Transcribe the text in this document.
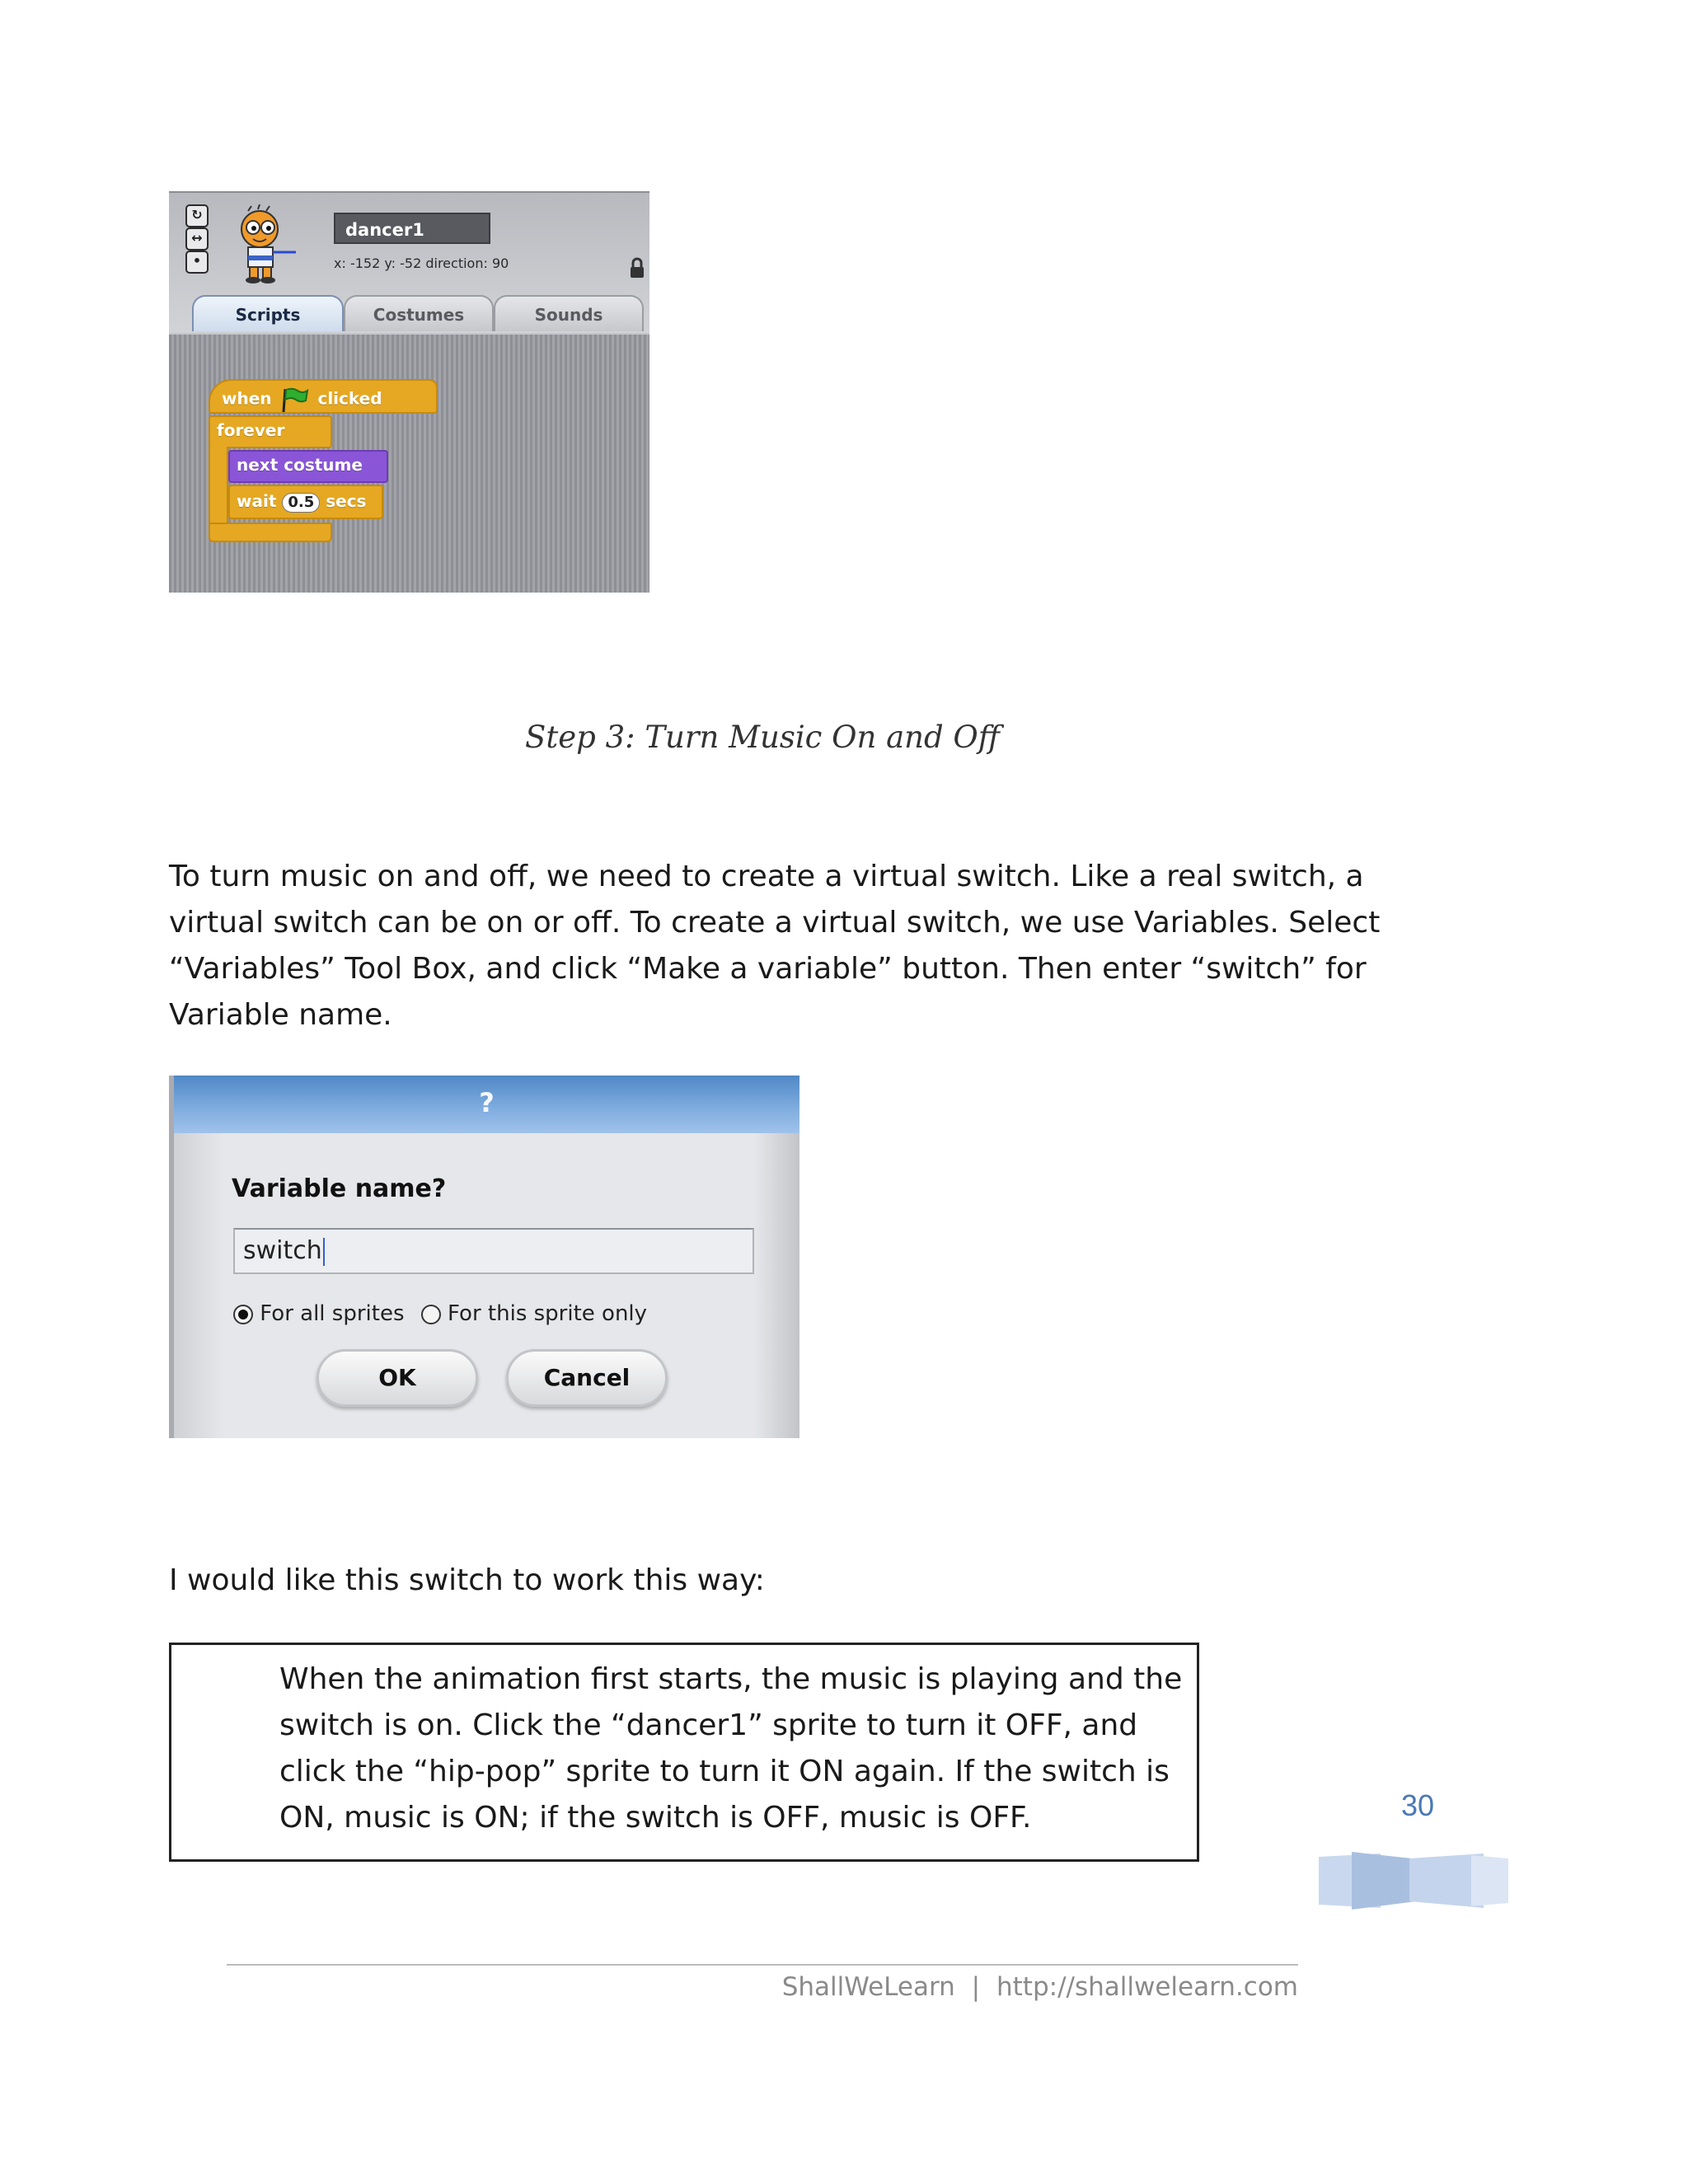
↻
↔
•
dancer1
x: -152 y: -52 direction: 90
Scripts	Costumes	Sounds
when	clicked
forever
next costume
wait 0.5 secs
Step 3: Turn Music On and Off
To turn music on and off, we need to create a virtual switch. Like a real switch, a virtual switch can be on or off. To create a virtual switch, we use Variables. Select “Variables” Tool Box, and click “Make a variable” button. Then enter “switch” for Variable name.
?
Variable name?
switch
For all sprites For this sprite only
OK	Cancel
I would like this switch to work this way:
When the animation first starts, the music is playing and the switch is on. Click the “dancer1” sprite to turn it OFF, and click the “hip-pop” sprite to turn it ON again. If the switch is ON, music is ON; if the switch is OFF, music is OFF.	30
ShallWeLearn | http://shallwelearn.com
